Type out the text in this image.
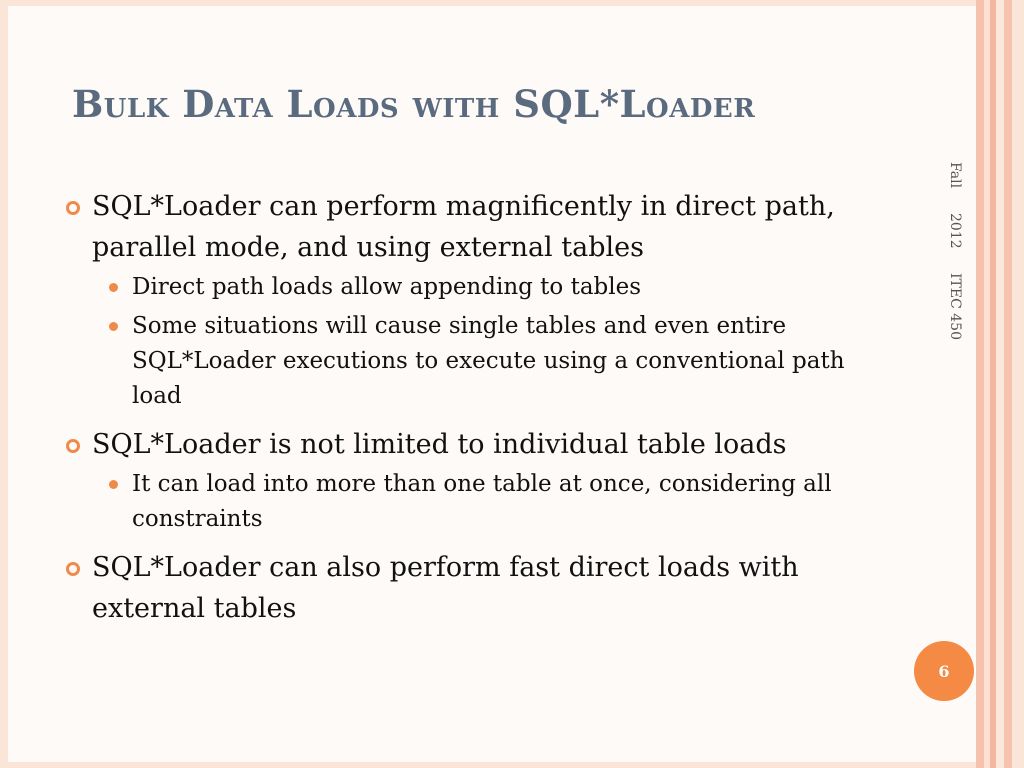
Bulk Data Loads with SQL*Loader
SQL*Loader can perform magnificently in direct path, parallel mode, and using external tables
Direct path loads allow appending to tables
Some situations will cause single tables and even entire SQL*Loader executions to execute using a conventional path load
SQL*Loader is not limited to individual table loads
It can load into more than one table at once, considering all constraints
SQL*Loader can also perform fast direct loads with external tables
Fall 2012 ITEC 450
6
